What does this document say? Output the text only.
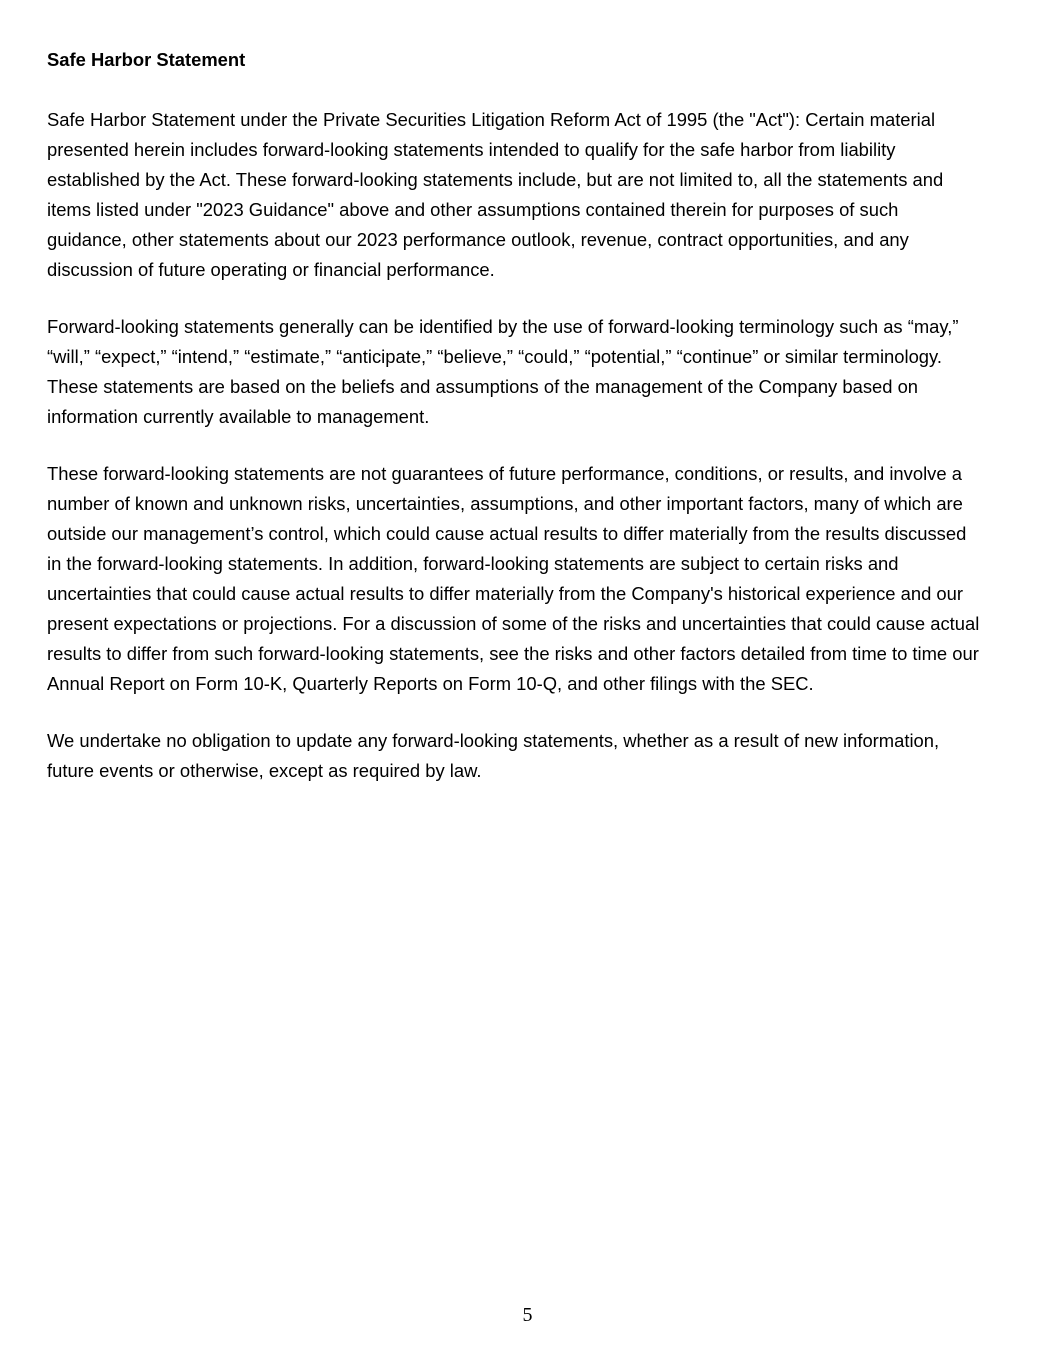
Safe Harbor Statement

Safe Harbor Statement under the Private Securities Litigation Reform Act of 1995 (the "Act"): Certain material
presented herein includes forward-looking statements intended to qualify for the safe harbor from liability
established by the Act. These forward-looking statements include, but are not limited to, all the statements and
items listed under "2023 Guidance" above and other assumptions contained therein for purposes of such
guidance, other statements about our 2023 performance outlook, revenue, contract opportunities, and any
discussion of future operating or financial performance.

Forward-looking statements generally can be identified by the use of forward-looking terminology such as “may,”
“will,” “expect,” “intend,” “estimate,” “anticipate,” “believe,” “could,” “potential,” “continue” or similar terminology.
These statements are based on the beliefs and assumptions of the management of the Company based on
information currently available to management.

These forward-looking statements are not guarantees of future performance, conditions, or results, and involve a
number of known and unknown risks, uncertainties, assumptions, and other important factors, many of which are
outside our management’s control, which could cause actual results to differ materially from the results discussed
in the forward-looking statements. In addition, forward-looking statements are subject to certain risks and
uncertainties that could cause actual results to differ materially from the Company's historical experience and our
present expectations or projections. For a discussion of some of the risks and uncertainties that could cause actual
results to differ from such forward-looking statements, see the risks and other factors detailed from time to time our
Annual Report on Form 10-K, Quarterly Reports on Form 10-Q, and other filings with the SEC.

We undertake no obligation to update any forward-looking statements, whether as a result of new information,
future events or otherwise, except as required by law.

5
